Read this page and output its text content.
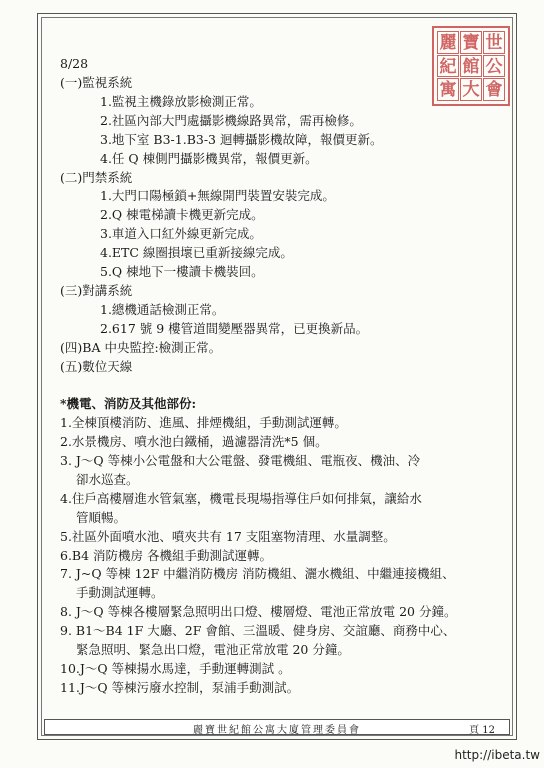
麗 寶 世
紀 館 公
寓 大 會
8/28
(一)監視系統
1.監視主機錄放影檢測正常。
2.社區內部大門處攝影機線路異常，需再檢修。
3.地下室 B3-1.B3-3 迴轉攝影機故障，報價更新。
4.任 Q 棟側門攝影機異常，報價更新。
(二)門禁系統
1.大門口陽極鎖+無線開門裝置安裝完成。
2.Q 棟電梯讀卡機更新完成。
3.車道入口紅外線更新完成。
4.ETC 線圈損壞已重新接線完成。
5.Q 棟地下一樓讀卡機裝回。
(三)對講系統
1.總機通話檢測正常。
2.617 號 9 樓管道間變壓器異常，已更換新品。
(四)BA 中央監控:檢測正常。
(五)數位天線
*機電、消防及其他部份:
1.全棟頂樓消防、進風、排煙機組，手動測試運轉。
2.水景機房、噴水池白鐵桶，過濾器清洗*5 個。
3. J～Q 等棟小公電盤和大公電盤、發電機組、電瓶夜、機油、冷
卻水巡查。
4.住戶高樓層進水管氣塞，機電長現場指導住戶如何排氣，讓給水
管順暢。
5.社區外面噴水池、噴夾共有 17 支阻塞物清理、水量調整。
6.B4 消防機房 各機組手動測試運轉。
7. J~Q 等棟 12F 中繼消防機房 消防機組、灑水機組、中繼連接機組、
手動測試運轉。
8. J～Q 等棟各樓層緊急照明出口燈、樓層燈、電池正常放電 20 分鐘。
9. B1～B4 1F 大廳、2F 會館、三溫暖、健身房、交誼廳、商務中心、
緊急照明、緊急出口燈，電池正常放電 20 分鐘。
10.J～Q 等棟揚水馬達，手動運轉測試 。
11.J～Q 等棟污廢水控制，泵浦手動測試。
麗寶世紀館公寓大廈管理委員會	頁 12
http://ibeta.tw
